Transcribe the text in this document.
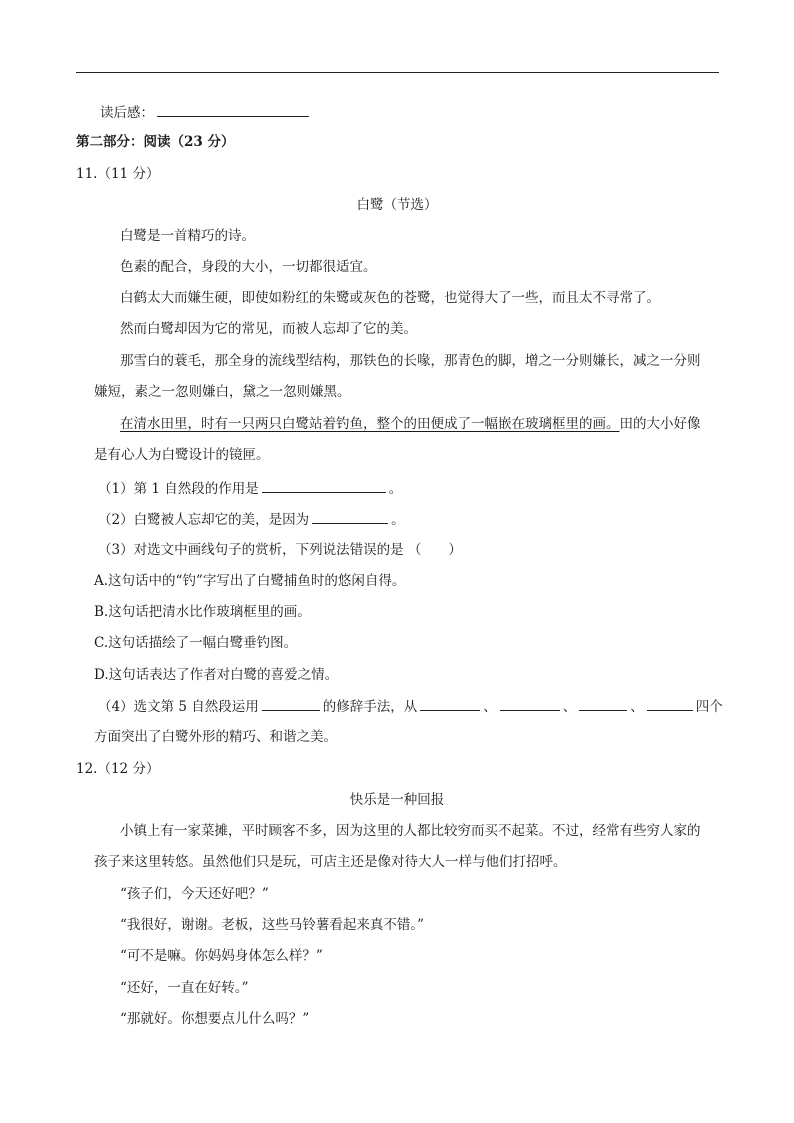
读后感：
第二部分：阅读（23 分）
11.（11 分）
白鹭（节选）
白鹭是一首精巧的诗。
色素的配合，身段的大小，一切都很适宜。
白鹤太大而嫌生硬，即使如粉红的朱鹭或灰色的苍鹭，也觉得大了一些，而且太不寻常了。
然而白鹭却因为它的常见，而被人忘却了它的美。
那雪白的蓑毛，那全身的流线型结构，那铁色的长喙，那青色的脚，增之一分则嫌长，减之一分则
嫌短，素之一忽则嫌白，黛之一忽则嫌黑。
在清水田里，时有一只两只白鹭站着钓鱼，整个的田便成了一幅嵌在玻璃框里的画。田的大小好像
是有心人为白鹭设计的镜匣。
（1）第 1 自然段的作用是	。
（2）白鹭被人忘却它的美，是因为	。
（3）对选文中画线句子的赏析，下列说法错误的是 （　　）
A.这句话中的“钓”字写出了白鹭捕鱼时的悠闲自得。
B.这句话把清水比作玻璃框里的画。
C.这句话描绘了一幅白鹭垂钓图。
D.这句话表达了作者对白鹭的喜爱之情。
（4）选文第 5 自然段运用	的修辞手法，从	、	、	、	四个
方面突出了白鹭外形的精巧、和谐之美。
12.（12 分）
快乐是一种回报
小镇上有一家菜摊，平时顾客不多，因为这里的人都比较穷而买不起菜。不过，经常有些穷人家的
孩子来这里转悠。虽然他们只是玩，可店主还是像对待大人一样与他们打招呼。
“孩子们，今天还好吧？”
“我很好，谢谢。老板，这些马铃薯看起来真不错。”
“可不是嘛。你妈妈身体怎么样？”
“还好，一直在好转。”
“那就好。你想要点儿什么吗？”
